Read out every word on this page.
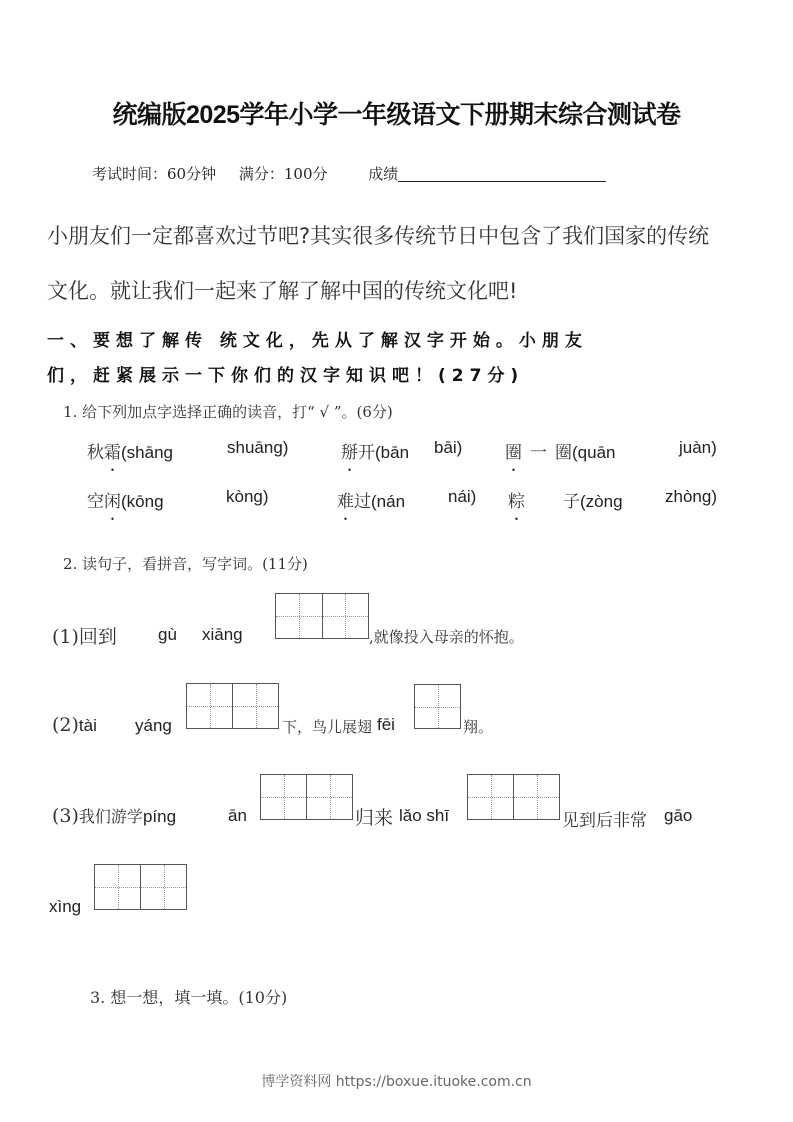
统编版2025学年小学一年级语文下册期末综合测试卷
考试时间：60分钟 满分：100分	成绩
小朋友们一定都喜欢过节吧?其实很多传统节日中包含了我们国家的传统
文化。就让我们一起来了解了解中国的传统文化吧!
一、要想了解传 统文化，先从了解汉字开始。小朋友
们，赶紧展示一下你们的汉字知识吧！(27分)
1. 给下列加点字选择正确的读音，打“ √ ”。(6分)
秋霜(shāng	shuāng)	掰开(bān bāi)	圈 一 圈(quān	juàn)
空闲(kōng	kòng)	难过(nán	nái) 粽 子(zòng zhòng)
2. 读句子，看拼音，写字词。(11分)
(1)回到 gù xiāng	,就像投入母亲的怀抱。
(2)tài yáng	下，鸟儿展翅 fēi	翔。
(3)我们游学píng	ān	归来 lǎo shī	见到后非常 gāo
xìng
3. 想一想，填一填。(10分)
博学资料网 https://boxue.ituoke.com.cn
